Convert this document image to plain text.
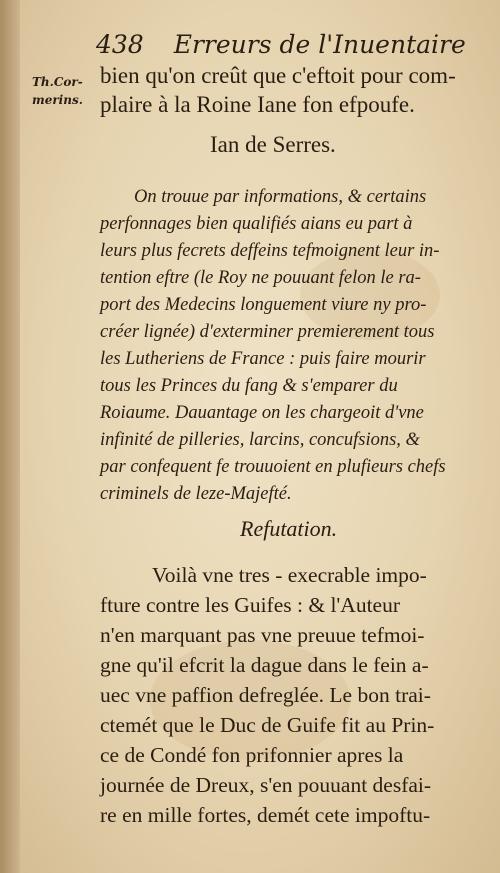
438 Erreurs de l'Inuentaire
Th.Cor-
merins.
bien qu'on creût que c'eftoit pour com-
plaire à la Roine Iane fon efpoufe.
Ian de Serres.
On trouue par informations, & certains
perfonnages bien qualifiés aians eu part à
leurs plus fecrets deffeins tefmoignent leur in-
tention eftre (le Roy ne pouuant felon le ra-
port des Medecins longuement viure ny pro-
créer lignée) d'exterminer premierement tous
les Lutheriens de France : puis faire mourir
tous les Princes du fang & s'emparer du
Roiaume. Dauantage on les chargeoit d'vne
infinité de pilleries, larcins, concufsions, &
par confequent fe trouuoient en plufieurs chefs
criminels de leze-Majefté.
Refutation.
Voilà vne tres - execrable impo-
fture contre les Guifes : & l'Auteur
n'en marquant pas vne preuue tefmoi-
gne qu'il efcrit la dague dans le fein a-
uec vne paffion defreglée. Le bon trai-
ctemét que le Duc de Guife fit au Prin-
ce de Condé fon prifonnier apres la
journée de Dreux, s'en pouuant desfai-
re en mille fortes, demét cete impoftu-
